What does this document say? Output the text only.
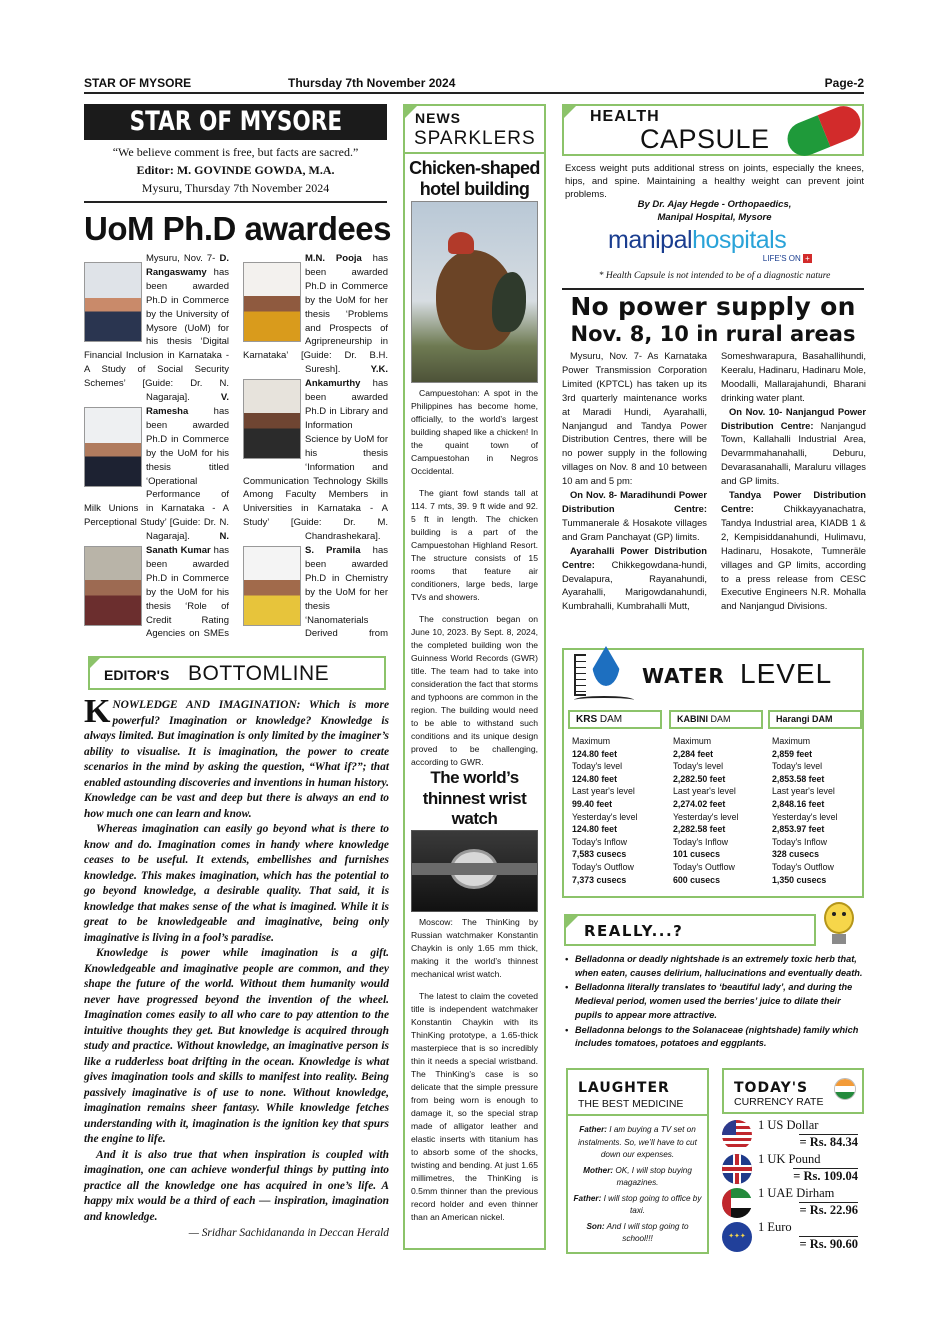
STAR OF MYSORE	Thursday 7th November 2024	Page-2
STAR OF MYSORE
“We believe comment is free, but facts are sacred.”
Editor: M. GOVINDE GOWDA, M.A.
Mysuru, Thursday 7th November 2024
UoM Ph.D awardees
Mysuru, Nov. 7- D. Rangaswamy has been awarded Ph.D in Commerce by the University of Mysore (UoM) for his thesis ‘Digital Financial Inclusion in Karnataka - A Study of Social Security Schemes’ [Guide: Dr. N. Nagaraja].	V. Ramesha	has been awarded Ph.D in Commerce by the UoM for his thesis titled ‘Operational Performance of Milk Unions in Karnataka - A Perceptional Study’ [Guide: Dr. N. Nagaraja].	N. Sanath Kumar has been awarded Ph.D in Commerce by the UoM for his thesis ‘Role of Credit Rating Agencies on SMEs
M.N. Pooja has been awarded Ph.D in Commerce by the UoM for her thesis ‘Problems and Prospects of Agripreneurship in Karnataka’ [Guide: Dr. B.H. Suresh].	Y.K. Ankamurthy has been awarded Ph.D in Library and Information Science by UoM for his thesis ‘Information and Communication Technology Skills Among Faculty Members in Universities in Karnataka - A Study’ [Guide: Dr. M. Chandrashekara].
S. Pramila has been awarded Ph.D in Chemistry by the UoM for her thesis ‘Nanomaterials Derived from
EDITOR'S BOTTOMLINE

KNOWLEDGE AND IMAGINATION: Which is more powerful? Imagination or knowledge? Knowledge is always limited. But imagination is only limited by the imaginer’s ability to visualise. It is imagination, the power to create scenarios in the mind by asking the question, “What if?”; that enabled astounding discoveries and inventions in human history. Knowledge can be vast and deep but there is always an end to how much one can learn and know.

Whereas imagination can easily go beyond what is there to know and do. Imagination comes in handy where knowledge ceases to be useful. It extends, embellishes and furnishes knowledge. This makes imagination, which has the potential to go beyond knowledge, a desirable quality. That said, it is knowledge that makes sense of the what is imagined. While it is great to be knowledgeable and imaginative, being only imaginative is living in a fool’s paradise.

Knowledge is power while imagination is a gift. Knowledgeable and imaginative people are common, and they shape the future of the world. Without them humanity would never have progressed beyond the invention of the wheel. Imagination comes easily to all who care to pay attention to the intuitive thoughts they get. But knowledge is acquired through study and practice. Without knowledge, an imaginative person is like a rudderless boat drifting in the ocean. Knowledge is what gives imagination tools and skills to manifest into reality. Being passively imaginative is of use to none. Without knowledge, imagination remains sheer fantasy. While knowledge fetches understanding with it, imagination is the ignition key that spurs the engine to life.

And it is also true that when inspiration is coupled with imagination, one can achieve wonderful things by putting into practice all the knowledge one has acquired in one’s life. A happy mix would be a third of each — inspiration, imagination and knowledge.

— Sridhar Sachidananda in Deccan Herald

NEWS
SPARKLERS
Chicken-shaped hotel building

Campuestohan: A spot in the Philippines has become home, officially, to the world’s largest building shaped like a chicken! In the quaint town of Campuestohan in Negros Occidental.

The giant fowl stands tall at 114. 7 mts, 39. 9 ft wide and 92. 5 ft in length. The chicken building is a part of the Campuestohan Highland Resort. The structure consists of 15 rooms that feature air conditioners, large beds, large TVs and showers.

The construction began on June 10, 2023. By Sept. 8, 2024, the completed building won the Guinness World Records (GWR) title. The team had to take into consideration the fact that storms and typhoons are common in the region. The building would need to be able to withstand such conditions and its unique design proved to be challenging, according to GWR.

The world’s thinnest wrist watch

Moscow: The ThinKing by Russian watchmaker Konstantin Chaykin is only 1.65 mm thick, making it the world’s thinnest mechanical wrist watch.

The latest to claim the coveted title is independent watchmaker Konstantin Chaykin with its ThinKing prototype, a 1.65-thick masterpiece that is so incredibly thin it needs a special wristband. The ThinKing’s case is so delicate that the simple pressure from being worn is enough to damage it, so the special strap made of alligator leather and elastic inserts with titanium has to absorb some of the shocks, twisting and bending. At just 1.65 millimetres, the ThinKing is 0.5mm thinner than the previous record holder and even thinner than an American nickel.

HEALTH
CAPSULE
Excess weight puts additional stress on joints, especially the knees, hips, and spine. Maintaining a healthy weight can prevent joint problems.
By Dr. Ajay Hegde - Orthopaedics,
Manipal Hospital, Mysore
manipalhospitals
LIFE'S ON +
* Health Capsule is not intended to be of a diagnostic nature
No power supply on
Nov. 8, 10 in rural areas

Mysuru, Nov. 7- As Karnataka Power Transmission Corporation Limited (KPTCL) has taken up its 3rd quarterly maintenance works at Maradi Hundi, Ayarahalli, Nanjangud and Tandya Power Distribution Centres, there will be no power supply in the following villages on Nov. 8 and 10 between 10 am and 5 pm:

On Nov. 8- Maradihundi Power Distribution Centre: Tummanerale & Hosakote villages and Gram Panchayat (GP) limits.

Ayarahalli Power Distribution Centre: Chikkegowdana-hundi, Devalapura, Rayanahundi, Ayarahalli, Marigowdanahundi, Kumbrahalli, Kumbrahalli Mutt,

Someshwarapura, Basahallihundi, Keeralu, Hadinaru, Hadinaru Mole, Moodalli, Mallarajahundi, Bharani drinking water plant.

On Nov. 10- Nanjangud Power Distribution Centre: Nanjangud Town, Kallahalli Industrial Area, Devarmmahanahalli, Deburu, Devarasanahalli, Maraluru villages and GP limits.

Tandya Power Distribution Centre: Chikkayyanachatra, Tandya Industrial area, KIADB 1 & 2, Kempisiddanahundi, Hulimavu, Hadinaru, Hosakote, Tumneräle villages and GP limits, according to a press release from CESC Executive Engineers N.R. Mohalla and Nanjangud Divisions.

WATER LEVEL
KRS DAM
Maximum
124.80 feet
Today's level
124.80 feet
Last year's level
99.40 feet
Yesterday's level
124.80 feet
Today's Inflow
7,583 cusecs
Today's Outflow
7,373 cusecs
KABINI DAM
Maximum
2,284 feet
Today's level
2,282.50 feet
Last year's level
2,274.02 feet
Yesterday's level
2,282.58 feet
Today's Inflow
101 cusecs
Today's Outflow
600 cusecs
Harangi DAM
Maximum
2,859 feet
Today's level
2,853.58 feet
Last year's level
2,848.16 feet
Yesterday's level
2,853.97 feet
Today's Inflow
328 cusecs
Today's Outflow
1,350 cusecs
REALLY...?
• Belladonna or deadly nightshade is an extremely toxic herb that, when eaten, causes delirium, hallucinations and eventually death.
• Belladonna literally translates to ‘beautiful lady’, and during the Medieval period, women used the berries’ juice to dilate their pupils to appear more attractive.
• Belladonna belongs to the Solanaceae (nightshade) family which includes tomatoes, potatoes and eggplants.
LAUGHTER
THE BEST MEDICINE

Father: I am buying a TV set on instalments. So, we’ll have to cut down our expenses.

Mother: OK, I will stop buying magazines.

Father: I will stop going to office by taxi.

Son: And I will stop going to school!!!

TODAY'S
CURRENCY RATE
1 US Dollar
= Rs. 84.34
1 UK Pound
= Rs. 109.04
1 UAE Dirham
= Rs. 22.96
✦✦✦
1 Euro
= Rs. 90.60
